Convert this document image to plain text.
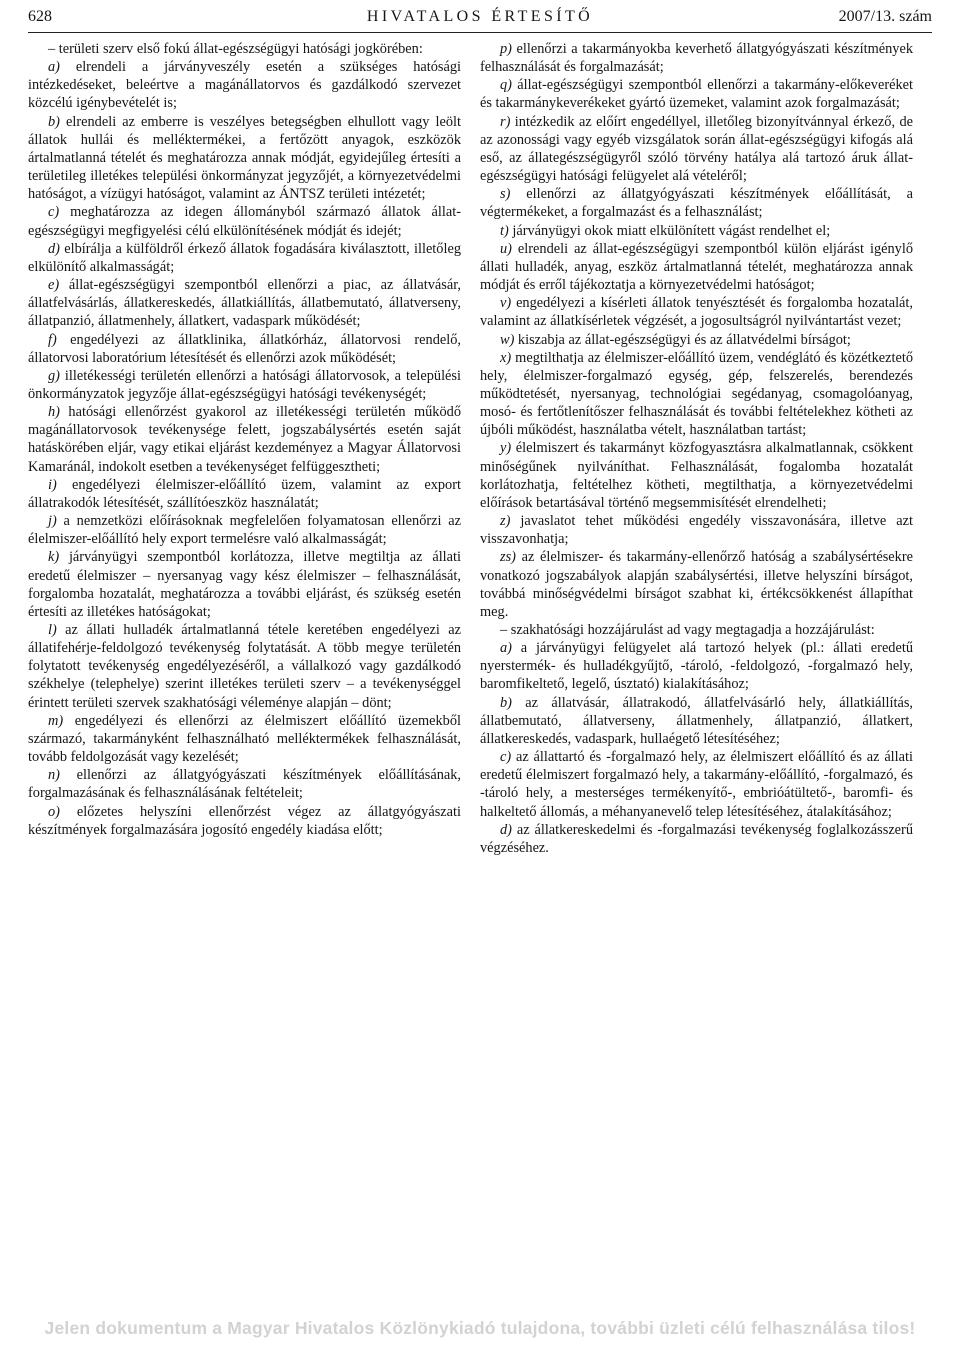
628	HIVATALOS ÉRTESÍTŐ	2007/13. szám

– területi szerv első fokú állat-egészségügyi hatósági jogkörében:

a) elrendeli a járványveszély esetén a szükséges hatósági intézkedéseket, beleértve a magánállatorvos és gazdálkodó szervezet közcélú igénybevételét is;

b) elrendeli az emberre is veszélyes betegségben elhullott vagy leölt állatok hullái és melléktermékei, a fertőzött anyagok, eszközök ártalmatlanná tételét és meghatározza annak módját, egyidejűleg értesíti a területileg illetékes települési önkormányzat jegyzőjét, a környezetvédelmi hatóságot, a vízügyi hatóságot, valamint az ÁNTSZ területi intézetét;

c) meghatározza az idegen állományból származó állatok állat-egészségügyi megfigyelési célú elkülönítésének módját és idejét;

d) elbírálja a külföldről érkező állatok fogadására kiválasztott, illetőleg elkülönítő alkalmasságát;

e) állat-egészségügyi szempontból ellenőrzi a piac, az állatvásár, állatfelvásárlás, állatkereskedés, állatkiállítás, állatbemutató, állatverseny, állatpanzió, állatmenhely, állatkert, vadaspark működését;

f) engedélyezi az állatklinika, állatkórház, állatorvosi rendelő, állatorvosi laboratórium létesítését és ellenőrzi azok működését;

g) illetékességi területén ellenőrzi a hatósági állatorvosok, a települési önkormányzatok jegyzője állat-egészségügyi hatósági tevékenységét;

h) hatósági ellenőrzést gyakorol az illetékességi területén működő magánállatorvosok tevékenysége felett, jogszabálysértés esetén saját hatáskörében eljár, vagy etikai eljárást kezdeményez a Magyar Állatorvosi Kamaránál, indokolt esetben a tevékenységet felfüggesztheti;

i) engedélyezi élelmiszer-előállító üzem, valamint az export állatrakodók létesítését, szállítóeszköz használatát;

j) a nemzetközi előírásoknak megfelelően folyamatosan ellenőrzi az élelmiszer-előállító hely export termelésre való alkalmasságát;

k) járványügyi szempontból korlátozza, illetve megtiltja az állati eredetű élelmiszer – nyersanyag vagy kész élelmiszer – felhasználását, forgalomba hozatalát, meghatározza a további eljárást, és szükség esetén értesíti az illetékes hatóságokat;

l) az állati hulladék ártalmatlanná tétele keretében engedélyezi az állatifehérje-feldolgozó tevékenység folytatását. A több megye területén folytatott tevékenység engedélyezéséről, a vállalkozó vagy gazdálkodó székhelye (telephelye) szerint illetékes területi szerv – a tevékenységgel érintett területi szervek szakhatósági véleménye alapján – dönt;

m) engedélyezi és ellenőrzi az élelmiszert előállító üzemekből származó, takarmányként felhasználható melléktermékek felhasználását, tovább feldolgozását vagy kezelését;

n) ellenőrzi az állatgyógyászati készítmények előállításának, forgalmazásának és felhasználásának feltételeit;

o) előzetes helyszíni ellenőrzést végez az állatgyógyászati készítmények forgalmazására jogosító engedély kiadása előtt;

p) ellenőrzi a takarmányokba keverhető állatgyógyászati készítmények felhasználását és forgalmazását;

q) állat-egészségügyi szempontból ellenőrzi a takarmány-előkeveréket és takarmánykeverékeket gyártó üzemeket, valamint azok forgalmazását;

r) intézkedik az előírt engedéllyel, illetőleg bizonyítvánnyal érkező, de az azonossági vagy egyéb vizsgálatok során állat-egészségügyi kifogás alá eső, az állategészségügyről szóló törvény hatálya alá tartozó áruk állat-egészségügyi hatósági felügyelet alá vételéről;

s) ellenőrzi az állatgyógyászati készítmények előállítását, a végtermékeket, a forgalmazást és a felhasználást;

t) járványügyi okok miatt elkülönített vágást rendelhet el;

u) elrendeli az állat-egészségügyi szempontból külön eljárást igénylő állati hulladék, anyag, eszköz ártalmatlanná tételét, meghatározza annak módját és erről tájékoztatja a környezetvédelmi hatóságot;

v) engedélyezi a kísérleti állatok tenyésztését és forgalomba hozatalát, valamint az állatkísérletek végzését, a jogosultságról nyilvántartást vezet;

w) kiszabja az állat-egészségügyi és az állatvédelmi bírságot;

x) megtilthatja az élelmiszer-előállító üzem, vendéglátó és közétkeztető hely, élelmiszer-forgalmazó egység, gép, felszerelés, berendezés működtetését, nyersanyag, technológiai segédanyag, csomagolóanyag, mosó- és fertőtlenítőszer felhasználását és további feltételekhez kötheti az újbóli működést, használatba vételt, használatban tartást;

y) élelmiszert és takarmányt közfogyasztásra alkalmatlannak, csökkent minőségűnek nyilváníthat. Felhasználását, fogalomba hozatalát korlátozhatja, feltételhez kötheti, megtilthatja, a környezetvédelmi előírások betartásával történő megsemmisítését elrendelheti;

z) javaslatot tehet működési engedély visszavonására, illetve azt visszavonhatja;

zs) az élelmiszer- és takarmány-ellenőrző hatóság a szabálysértésekre vonatkozó jogszabályok alapján szabálysértési, illetve helyszíni bírságot, továbbá minőségvédelmi bírságot szabhat ki, értékcsökkenést állapíthat meg.

– szakhatósági hozzájárulást ad vagy megtagadja a hozzájárulást:

a) a járványügyi felügyelet alá tartozó helyek (pl.: állati eredetű nyerstermék- és hulladékgyűjtő, -tároló, -feldolgozó, -forgalmazó hely, baromfikeltető, legelő, úsztató) kialakításához;

b) az állatvásár, állatrakodó, állatfelvásárló hely, állatkiállítás, állatbemutató, állatverseny, állatmenhely, állatpanzió, állatkert, állatkereskedés, vadaspark, hullaégető létesítéséhez;

c) az állattartó és -forgalmazó hely, az élelmiszert előállító és az állati eredetű élelmiszert forgalmazó hely, a takarmány-előállító, -forgalmazó, és -tároló hely, a mesterséges termékenyítő-, embrióátültető-, baromfi- és halkeltető állomás, a méhanyanevelő telep létesítéséhez, átalakításához;

d) az állatkereskedelmi és -forgalmazási tevékenység foglalkozásszerű végzéséhez.

Jelen dokumentum a Magyar Hivatalos Közlönykiadó tulajdona, további üzleti célú felhasználása tilos!
